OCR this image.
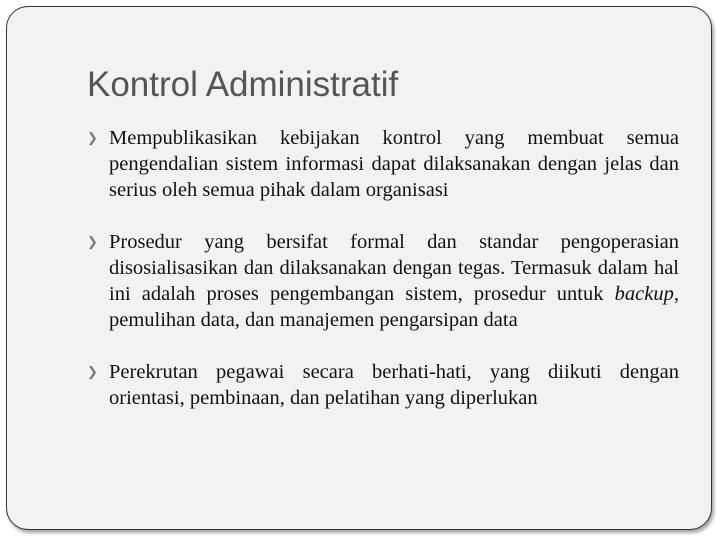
Kontrol Administratif
❯ Mempublikasikan kebijakan kontrol yang membuat semua pengendalian sistem informasi dapat dilaksanakan dengan jelas dan serius oleh semua pihak dalam organisasi
❯ Prosedur yang bersifat formal dan standar pengoperasian disosialisasikan dan dilaksanakan dengan tegas. Termasuk dalam hal ini adalah proses pengembangan sistem, prosedur untuk backup, pemulihan data, dan manajemen pengarsipan data
❯ Perekrutan pegawai secara berhati-hati, yang diikuti dengan orientasi, pembinaan, dan pelatihan yang diperlukan
